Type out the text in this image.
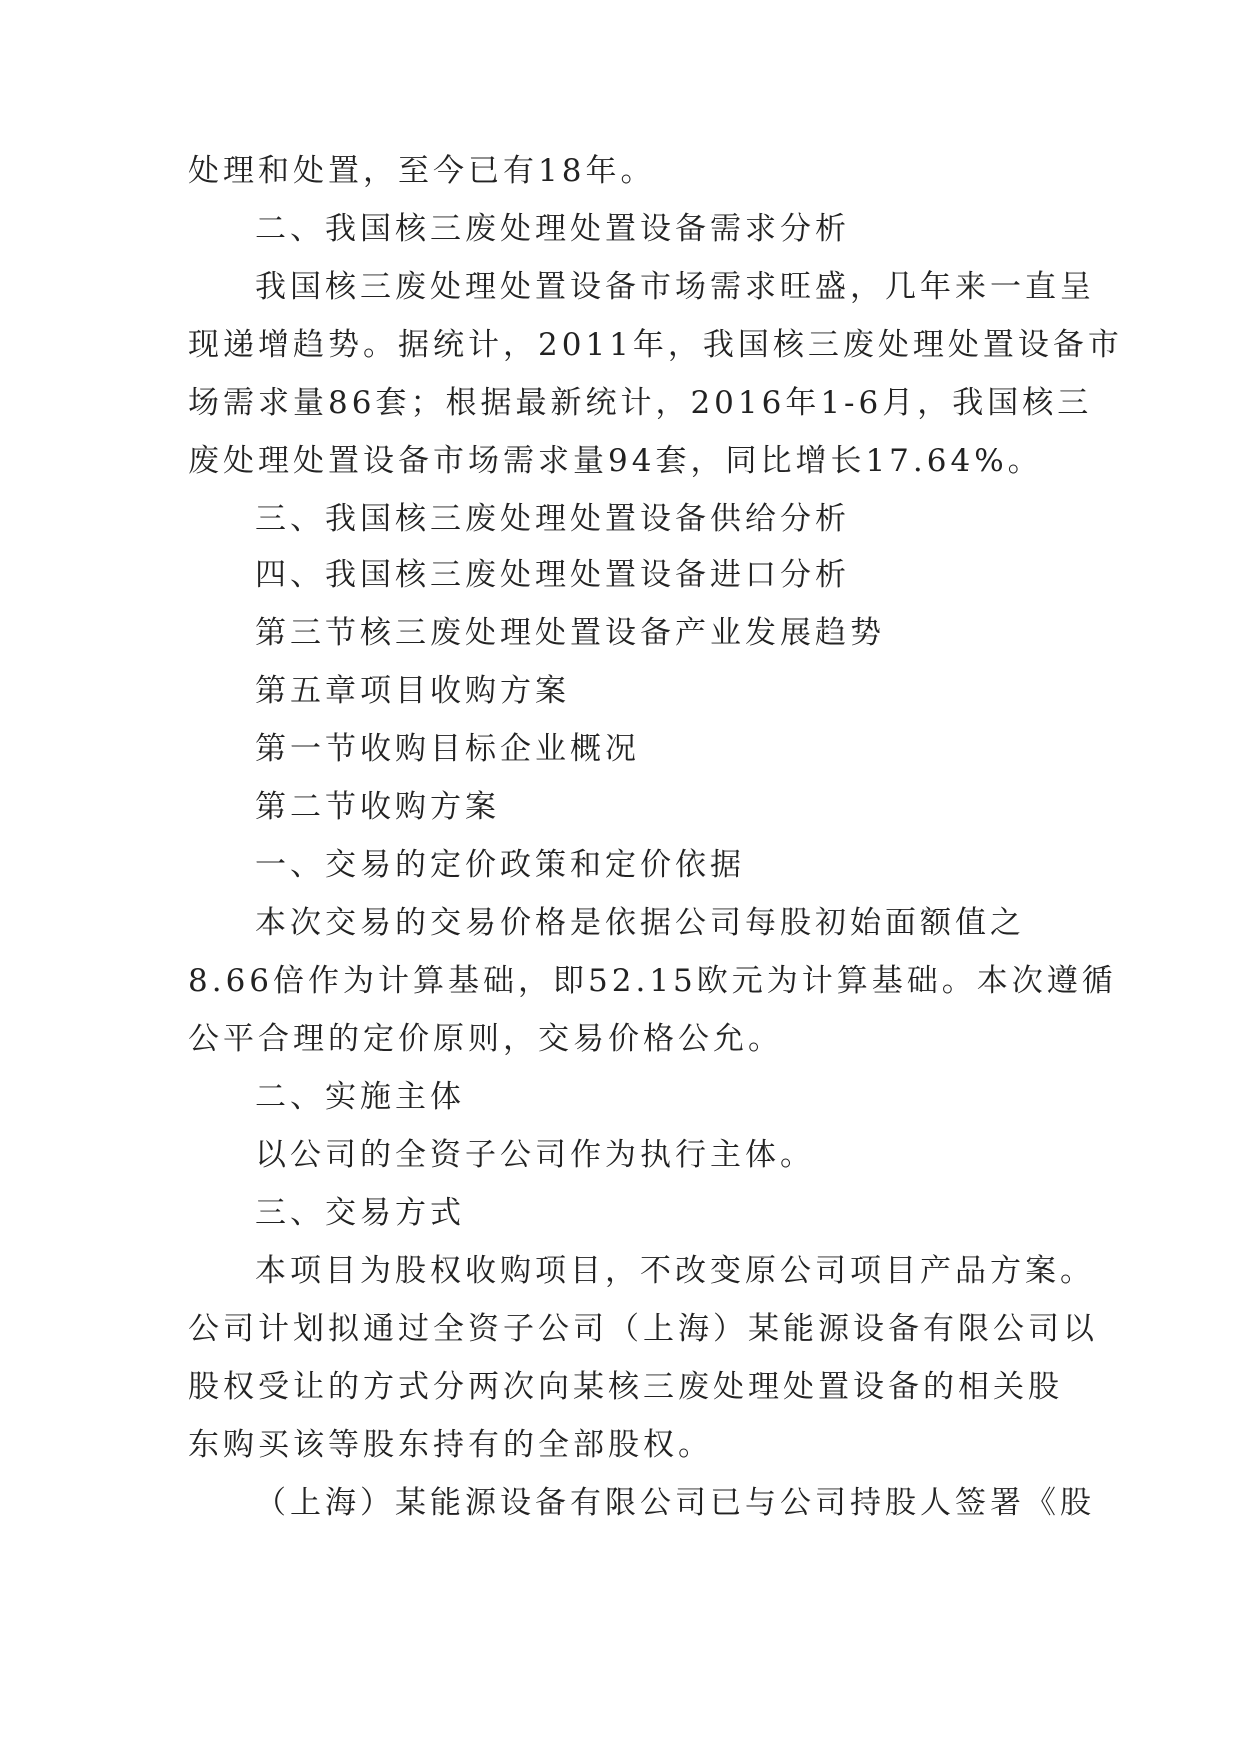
处理和处置，至今已有18年。
二、我国核三废处理处置设备需求分析
我国核三废处理处置设备市场需求旺盛，几年来一直呈
现递增趋势。据统计，2011年，我国核三废处理处置设备市
场需求量86套；根据最新统计，2016年1-6月，我国核三
废处理处置设备市场需求量94套，同比增长17.64%。
三、我国核三废处理处置设备供给分析
四、我国核三废处理处置设备进口分析
第三节核三废处理处置设备产业发展趋势
第五章项目收购方案
第一节收购目标企业概况
第二节收购方案
一、交易的定价政策和定价依据
本次交易的交易价格是依据公司每股初始面额值之
8.66倍作为计算基础，即52.15欧元为计算基础。本次遵循
公平合理的定价原则，交易价格公允。
二、实施主体
以公司的全资子公司作为执行主体。
三、交易方式
本项目为股权收购项目，不改变原公司项目产品方案。
公司计划拟通过全资子公司（上海）某能源设备有限公司以
股权受让的方式分两次向某核三废处理处置设备的相关股
东购买该等股东持有的全部股权。
（上海）某能源设备有限公司已与公司持股人签署《股
